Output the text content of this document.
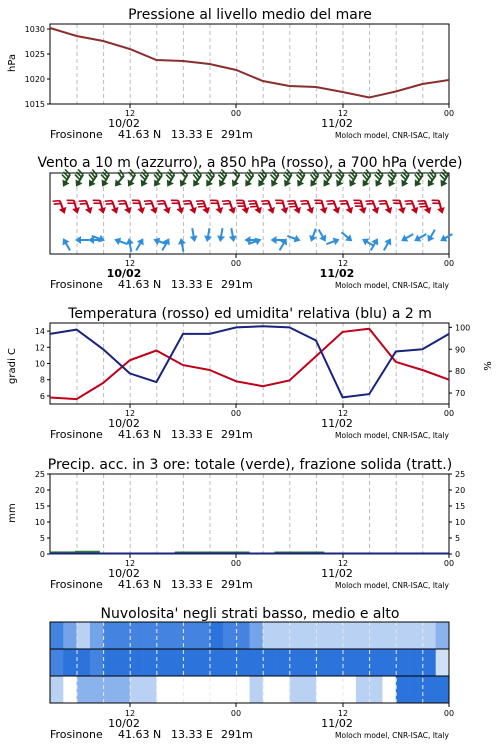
Pressione al livello medio del mare
hPa
1030
1025
1020
1015
12	00	12	00
10/02	11/02
Frosinone 41.63 N 13.33 E 291m	Moloch model, CNR-ISAC, Italy
Vento a 10 m (azzurro), a 850 hPa (rosso), a 700 hPa (verde)
12	00	12	00
10/02	11/02
Frosinone 41.63 N 13.33 E 291m	Moloch model, CNR-ISAC, Italy
Temperatura (rosso) ed umidita' relativa (blu) a 2 m
gradi C	%
14
12
10
8
6
100
90
80
70
12	00	12	00
10/02	11/02
Frosinone 41.63 N 13.33 E 291m	Moloch model, CNR-ISAC, Italy
Precip. acc. in 3 ore: totale (verde), frazione solida (tratt.)
mm
25	25
20	20
15	15
10	10
5	5
0	0
12	00	12	00
10/02	11/02
Frosinone 41.63 N 13.33 E 291m	Moloch model, CNR-ISAC, Italy
Nuvolosita' negli strati basso, medio e alto
12	00	12	00
10/02	11/02
Frosinone 41.63 N 13.33 E 291m	Moloch model, CNR-ISAC, Italy
